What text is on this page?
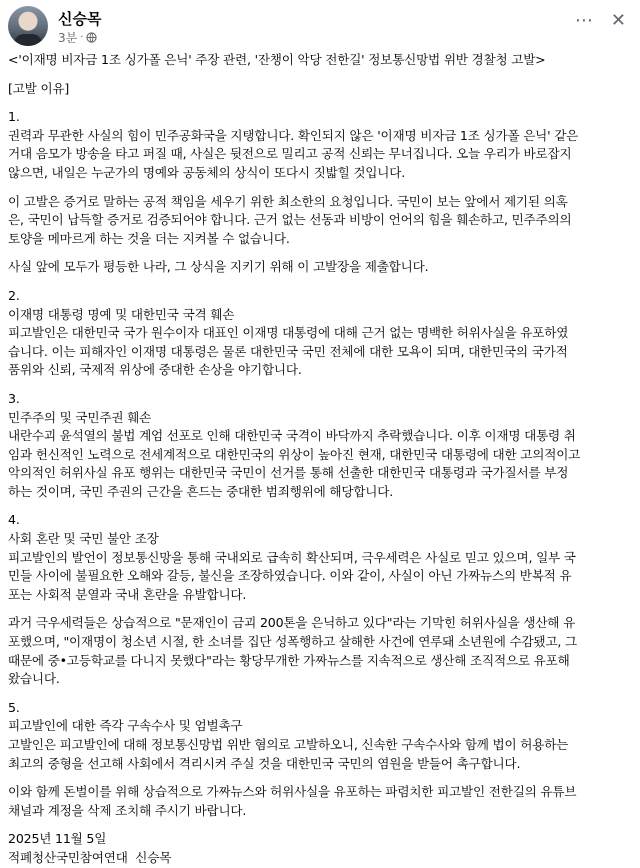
신승목
3분 ·
⋯ ✕
<'이재명 비자금 1조 싱가폴 은닉' 주장 관련, '잔챙이 악당 전한길' 정보통신망법 위반 경찰청 고발>
[고발 이유]
1.
권력과 무관한 사실의 힘이 민주공화국을 지탱합니다. 확인되지 않은 '이재명 비자금 1조 싱가폴 은닉' 같은
거대 음모가 방송을 타고 퍼질 때, 사실은 뒷전으로 밀리고 공적 신뢰는 무너집니다. 오늘 우리가 바로잡지
않으면, 내일은 누군가의 명예와 공동체의 상식이 또다시 짓밟힐 것입니다.
이 고발은 증거로 말하는 공적 책임을 세우기 위한 최소한의 요청입니다. 국민이 보는 앞에서 제기된 의혹
은, 국민이 납득할 증거로 검증되어야 합니다. 근거 없는 선동과 비방이 언어의 힘을 훼손하고, 민주주의의
토양을 메마르게 하는 것을 더는 지켜볼 수 없습니다.
사실 앞에 모두가 평등한 나라, 그 상식을 지키기 위해 이 고발장을 제출합니다.
2.
이재명 대통령 명예 및 대한민국 국격 훼손
피고발인은 대한민국 국가 원수이자 대표인 이재명 대통령에 대해 근거 없는 명백한 허위사실을 유포하였
습니다. 이는 피해자인 이재명 대통령은 물론 대한민국 국민 전체에 대한 모욕이 되며, 대한민국의 국가적
품위와 신뢰, 국제적 위상에 중대한 손상을 야기합니다.
3.
민주주의 및 국민주권 훼손
내란수괴 윤석열의 불법 계엄 선포로 인해 대한민국 국격이 바닥까지 추락했습니다. 이후 이재명 대통령 취
임과 헌신적인 노력으로 전세계적으로 대한민국의 위상이 높아진 현재, 대한민국 대통령에 대한 고의적이고
악의적인 허위사실 유포 행위는 대한민국 국민이 선거를 통해 선출한 대한민국 대통령과 국가질서를 부정
하는 것이며, 국민 주권의 근간을 흔드는 중대한 범죄행위에 해당합니다.
4.
사회 혼란 및 국민 불안 조장
피고발인의 발언이 정보통신망을 통해 국내외로 급속히 확산되며, 극우세력은 사실로 믿고 있으며, 일부 국
민들 사이에 불필요한 오해와 갈등, 불신을 조장하였습니다. 이와 같이, 사실이 아닌 가짜뉴스의 반복적 유
포는 사회적 분열과 국내 혼란을 유발합니다.
과거 극우세력들은 상습적으로 "문재인이 금괴 200톤을 은닉하고 있다"라는 기막힌 허위사실을 생산해 유
포했으며, "이재명이 청소년 시절, 한 소녀를 집단 성폭행하고 살해한 사건에 연루돼 소년원에 수감됐고, 그
때문에 중•고등학교를 다니지 못했다"라는 황당무개한 가짜뉴스를 지속적으로 생산해 조직적으로 유포해
왔습니다.
5.
피고발인에 대한 즉각 구속수사 및 엄벌촉구
고발인은 피고발인에 대해 정보통신망법 위반 혐의로 고발하오니, 신속한 구속수사와 함께 법이 허용하는
최고의 중형을 선고해 사회에서 격리시켜 주실 것을 대한민국 국민의 염원을 받들어 촉구합니다.
이와 함께 돈벌이를 위해 상습적으로 가짜뉴스와 허위사실을 유포하는 파렴치한 피고발인 전한길의 유튜브
채널과 계정을 삭제 조치해 주시기 바랍니다.
2025년 11월 5일
적폐청산국민참여연대  신승목
